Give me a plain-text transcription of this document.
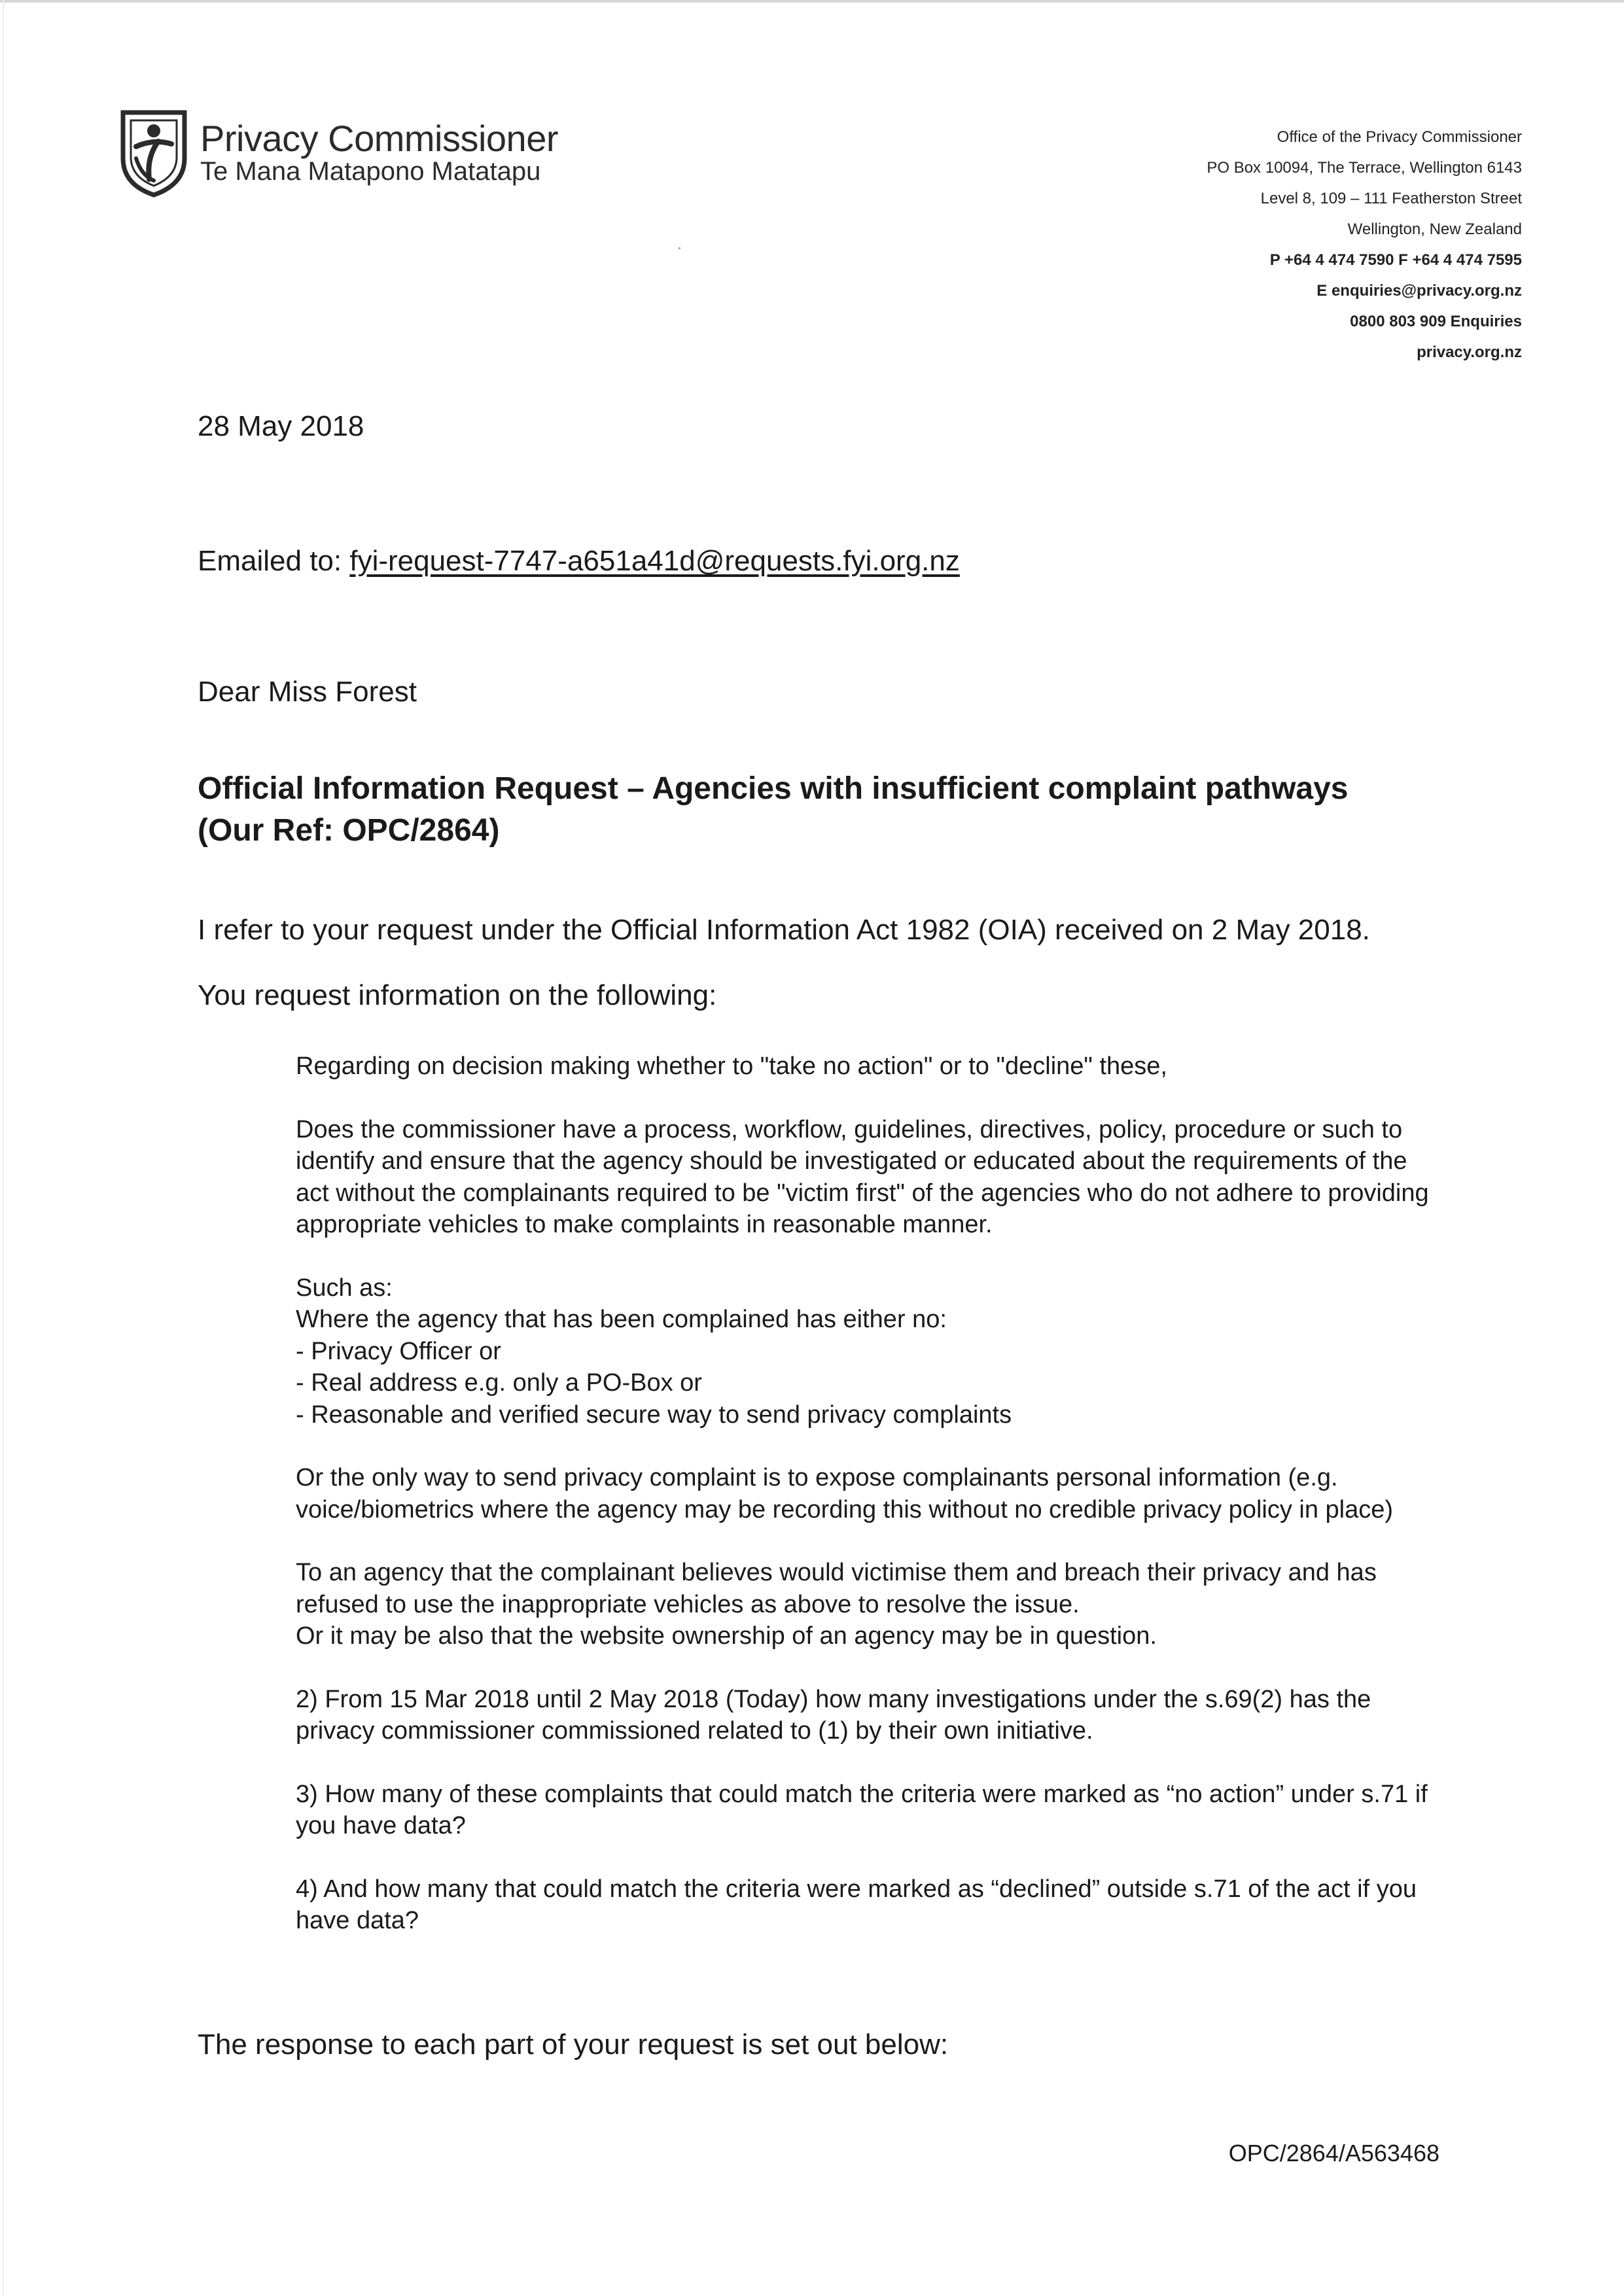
Privacy Commissioner
Te Mana Matapono Matatapu
Office of the Privacy Commissioner
PO Box 10094, The Terrace, Wellington 6143
Level 8, 109 – 111 Featherston Street
Wellington, New Zealand
P +64 4 474 7590 F +64 4 474 7595
E enquiries@privacy.org.nz
0800 803 909 Enquiries
privacy.org.nz
28 May 2018
Emailed to: fyi-request-7747-a651a41d@requests.fyi.org.nz
Dear Miss Forest
Official Information Request – Agencies with insufficient complaint pathways
(Our Ref: OPC/2864)
I refer to your request under the Official Information Act 1982 (OIA) received on 2 May 2018.
You request information on the following:

Regarding on decision making whether to "take no action" or to "decline" these,

Does the commissioner have a process, workflow, guidelines, directives, policy, procedure or such to identify and ensure that the agency should be investigated or educated about the requirements of the act without the complainants required to be "victim first" of the agencies who do not adhere to providing appropriate vehicles to make complaints in reasonable manner.

Such as:

Where the agency that has been complained has either no:

- Privacy Officer or

- Real address e.g. only a PO-Box or

- Reasonable and verified secure way to send privacy complaints

Or the only way to send privacy complaint is to expose complainants personal information (e.g. voice/biometrics where the agency may be recording this without no credible privacy policy in place)

To an agency that the complainant believes would victimise them and breach their privacy and has refused to use the inappropriate vehicles as above to resolve the issue.

Or it may be also that the website ownership of an agency may be in question.

2) From 15 Mar 2018 until 2 May 2018 (Today) how many investigations under the s.69(2) has the privacy commissioner commissioned related to (1) by their own initiative.

3) How many of these complaints that could match the criteria were marked as “no action” under s.71 if you have data?

4) And how many that could match the criteria were marked as “declined” outside s.71 of the act if you have data?

The response to each part of your request is set out below:
OPC/2864/A563468
